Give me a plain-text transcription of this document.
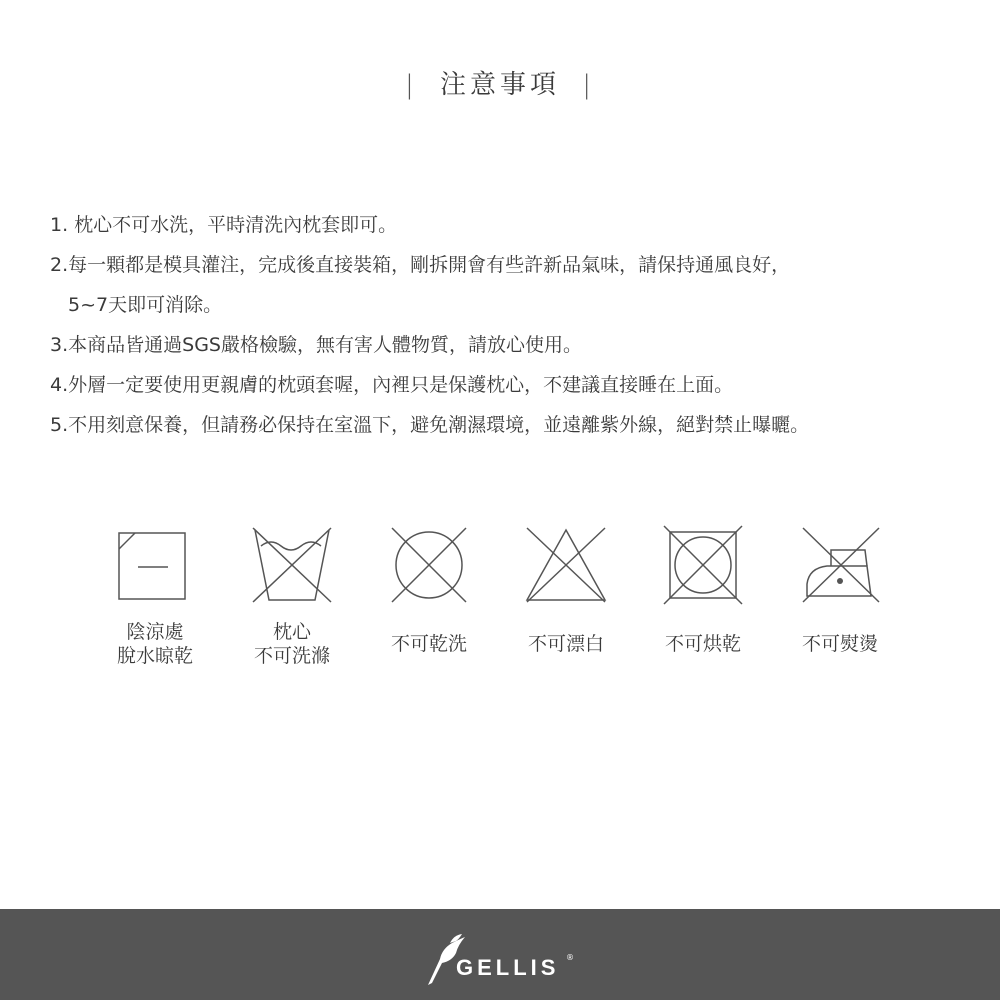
| 注意事項 |
1. 枕心不可水洗，平時清洗內枕套即可。
2.每一顆都是模具灌注，完成後直接裝箱，剛拆開會有些許新品氣味，請保持通風良好，
5~7天即可消除。
3.本商品皆通過SGS嚴格檢驗，無有害人體物質，請放心使用。
4.外層一定要使用更親膚的枕頭套喔，內裡只是保護枕心，不建議直接睡在上面。
5.不用刻意保養，但請務必保持在室溫下，避免潮濕環境，並遠離紫外線，絕對禁止曝曬。
陰涼處
脫水晾乾
枕心
不可洗滌
不可乾洗	不可漂白	不可烘乾	不可熨燙
GELLIS ®
